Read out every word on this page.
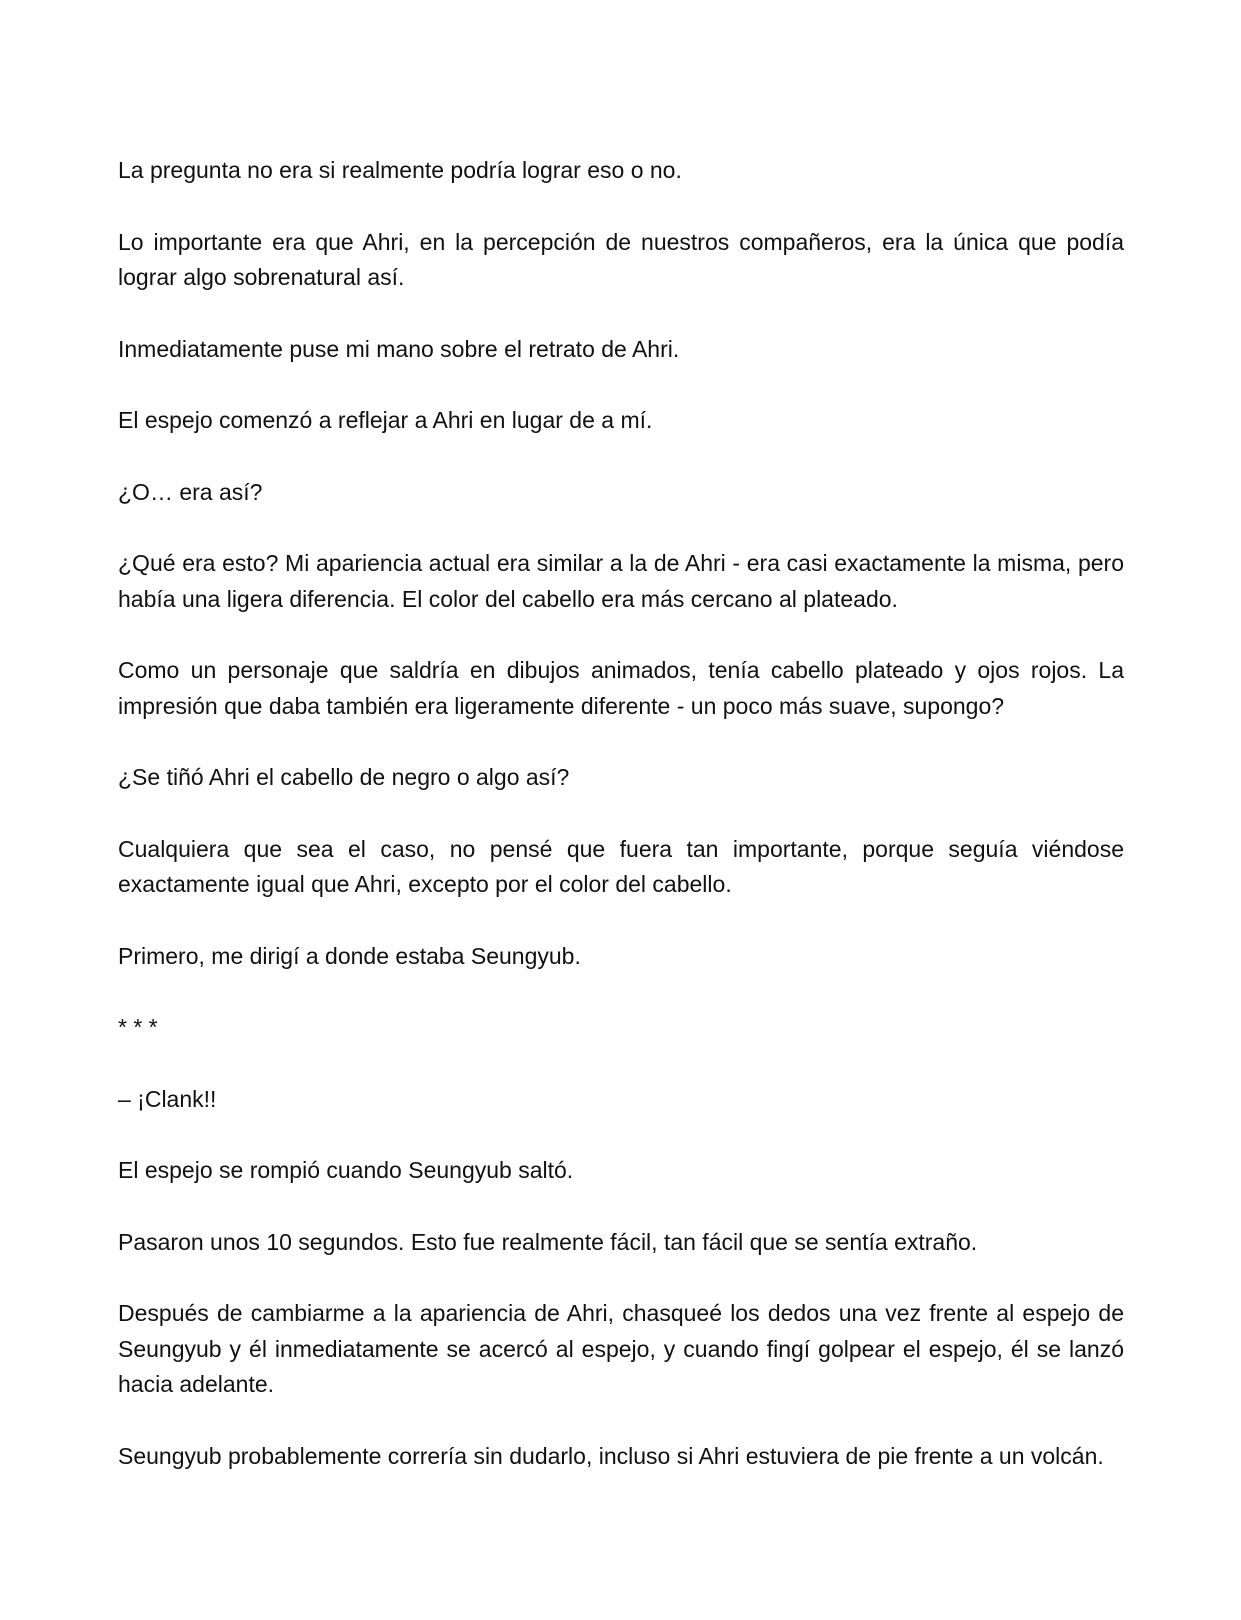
La pregunta no era si realmente podría lograr eso o no.

Lo importante era que Ahri, en la percepción de nuestros compañeros, era la única que podía lograr algo sobrenatural así.

Inmediatamente puse mi mano sobre el retrato de Ahri.

El espejo comenzó a reflejar a Ahri en lugar de a mí.

¿O… era así?

¿Qué era esto? Mi apariencia actual era similar a la de Ahri - era casi exactamente la misma, pero había una ligera diferencia. El color del cabello era más cercano al plateado.

Como un personaje que saldría en dibujos animados, tenía cabello plateado y ojos rojos. La impresión que daba también era ligeramente diferente - un poco más suave, supongo?

¿Se tiñó Ahri el cabello de negro o algo así?

Cualquiera que sea el caso, no pensé que fuera tan importante, porque seguía viéndose exactamente igual que Ahri, excepto por el color del cabello.

Primero, me dirigí a donde estaba Seungyub.

* * *

– ¡Clank!!

El espejo se rompió cuando Seungyub saltó.

Pasaron unos 10 segundos. Esto fue realmente fácil, tan fácil que se sentía extraño.

Después de cambiarme a la apariencia de Ahri, chasqueé los dedos una vez frente al espejo de Seungyub y él inmediatamente se acercó al espejo, y cuando fingí golpear el espejo, él se lanzó hacia adelante.

Seungyub probablemente correría sin dudarlo, incluso si Ahri estuviera de pie frente a un volcán.
